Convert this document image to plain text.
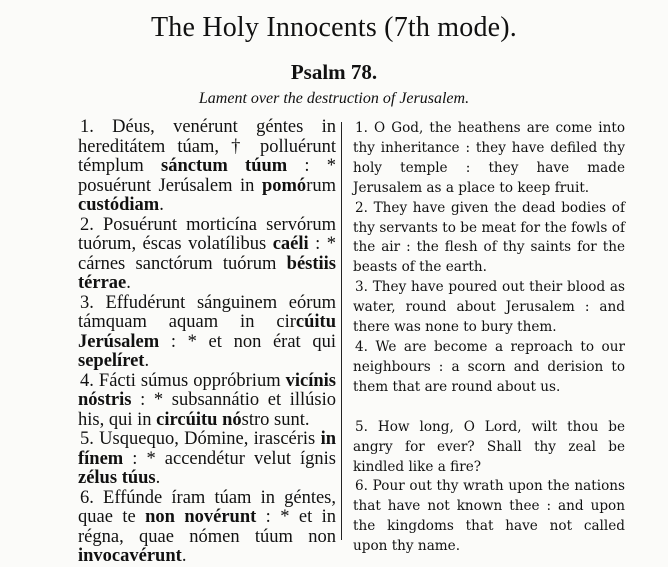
The Holy Innocents (7th mode).
Psalm 78.
Lament over the destruction of Jerusalem.

1. Déus, venérunt géntes in hereditátem túam, † polluérunt témplum sánctum túum : * posuérunt Jerúsalem in pomórum custódiam.

2. Posuérunt morticína servórum tuórum, éscas volatílibus caéli : * cárnes sanctórum tuórum béstiis térrae.

3. Effudérunt sánguinem eórum támquam aquam in circúitu Jerúsalem : * et non érat qui sepelíret.

4. Fácti súmus oppróbrium vicínis nóstris : * subsannátio et illúsio his, qui in circúitu nóstro sunt.

5. Usquequo, Dómine, irascéris in fínem : * accendétur velut ígnis zélus túus.

6. Effúnde íram túam in géntes, quae te non novérunt : * et in régna, quae nómen túum non invocavérunt.

1. O God, the heathens are come into thy inheritance : they have defiled thy holy temple : they have made Jerusalem as a place to keep fruit.

2. They have given the dead bodies of thy servants to be meat for the fowls of the air : the flesh of thy saints for the beasts of the earth.

3. They have poured out their blood as water, round about Jerusalem : and there was none to bury them.

4. We are become a reproach to our neighbours : a scorn and derision to them that are round about us.

5. How long, O Lord, wilt thou be angry for ever? Shall thy zeal be kindled like a fire?

6. Pour out thy wrath upon the nations that have not known thee : and upon the kingdoms that have not called upon thy name.
